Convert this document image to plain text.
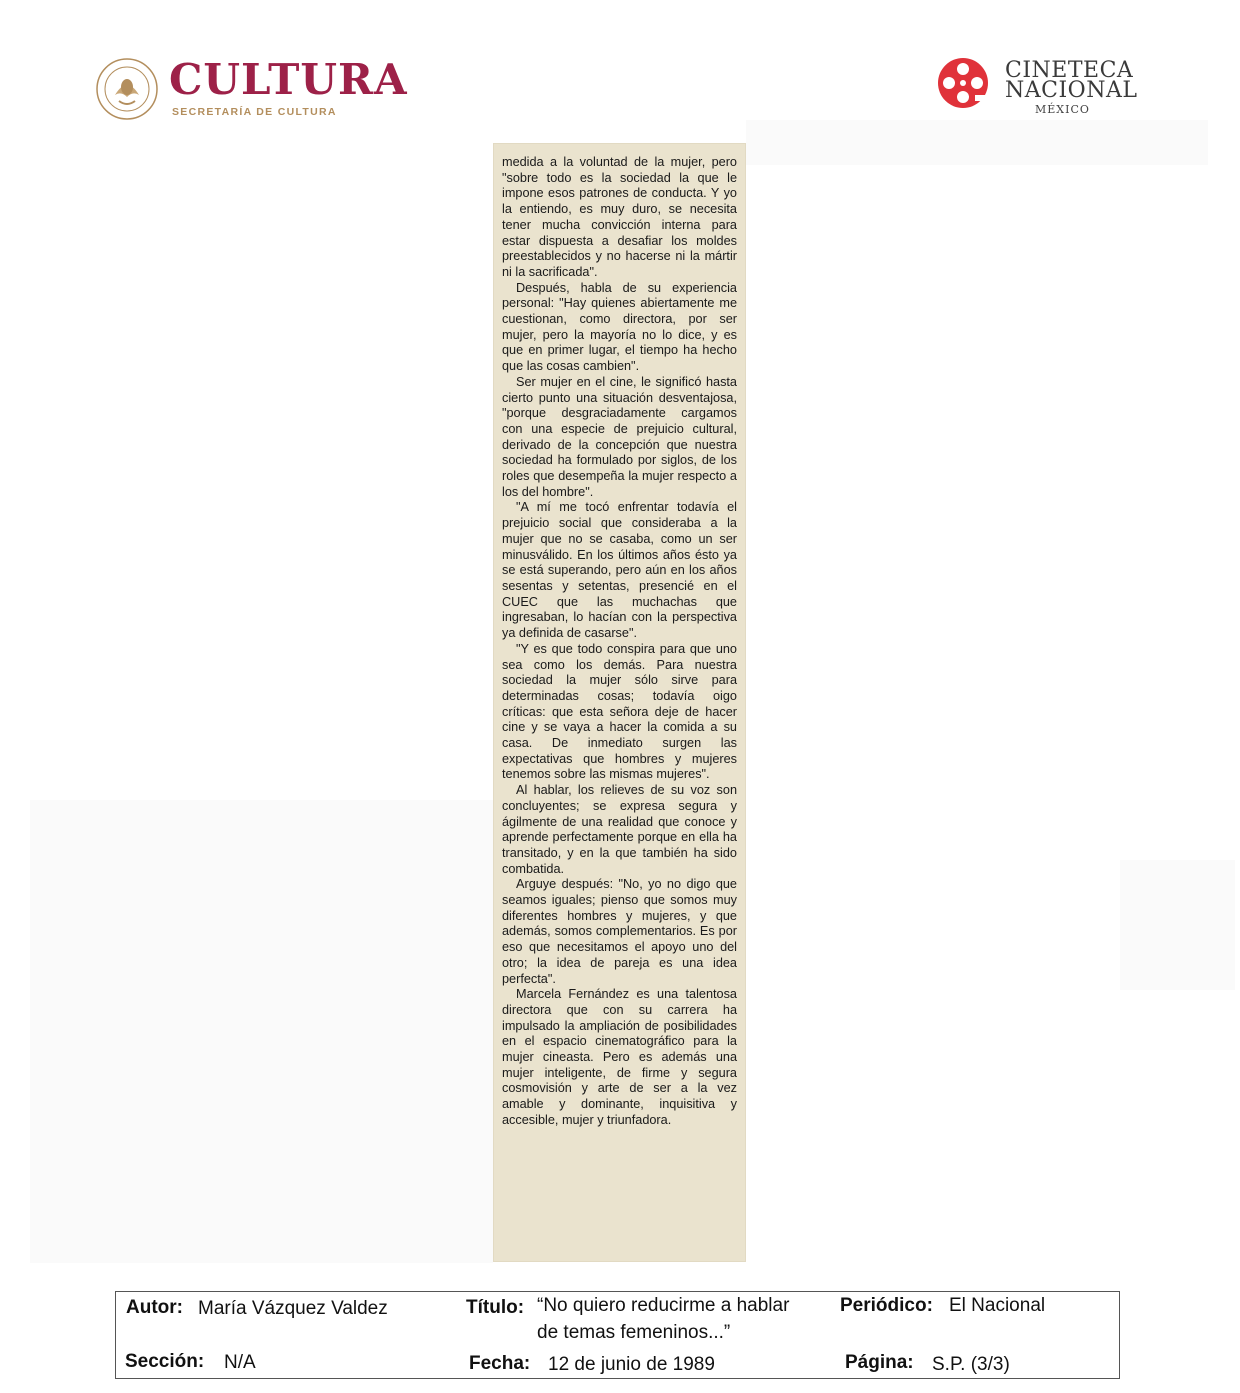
CULTURA
SECRETARÍA DE CULTURA
CINETECA
NACIONAL
MÉXICO

medida a la voluntad de la mujer, pero "sobre todo es la sociedad la que le impone esos patrones de conducta. Y yo la entiendo, es muy duro, se necesita tener mucha convicción interna para estar dispuesta a desafiar los moldes preestablecidos y no hacerse ni la mártir ni la sacrificada".

Después, habla de su experiencia personal: "Hay quienes abiertamente me cuestionan, como directora, por ser mujer, pero la mayoría no lo dice, y es que en primer lugar, el tiempo ha hecho que las cosas cambien".

Ser mujer en el cine, le significó hasta cierto punto una situación desventajosa, "porque desgraciadamente cargamos con una especie de prejuicio cultural, derivado de la concepción que nuestra sociedad ha formulado por siglos, de los roles que desempeña la mujer respecto a los del hombre".

"A mí me tocó enfrentar todavía el prejuicio social que consideraba a la mujer que no se casaba, como un ser minusválido. En los últimos años ésto ya se está superando, pero aún en los años sesentas y setentas, presencié en el CUEC que las muchachas que ingresaban, lo hacían con la perspectiva ya definida de casarse".

"Y es que todo conspira para que uno sea como los demás. Para nuestra sociedad la mujer sólo sirve para determinadas cosas; todavía oigo críticas: que esta señora deje de hacer cine y se vaya a hacer la comida a su casa. De inmediato surgen las expectativas que hombres y mujeres tenemos sobre las mismas mujeres".

Al hablar, los relieves de su voz son concluyentes; se expresa segura y ágilmente de una realidad que conoce y aprende perfectamente porque en ella ha transitado, y en la que también ha sido combatida.

Arguye después: "No, yo no digo que seamos iguales; pienso que somos muy diferentes hombres y mujeres, y que además, somos complementarios. Es por eso que necesitamos el apoyo uno del otro; la idea de pareja es una idea perfecta".

Marcela Fernández es una talentosa directora que con su carrera ha impulsado la ampliación de posibilidades en el espacio cinematográfico para la mujer cineasta. Pero es además una mujer inteligente, de firme y segura cosmovisión y arte de ser a la vez amable y dominante, inquisitiva y accesible, mujer y triunfadora.

Autor: María Vázquez Valdez	Título: “No quiero reducirme a hablar
de temas femeninos...”
Periódico: El Nacional
Sección: N/A	Fecha: 12 de junio de 1989	Página: S.P. (3/3)
